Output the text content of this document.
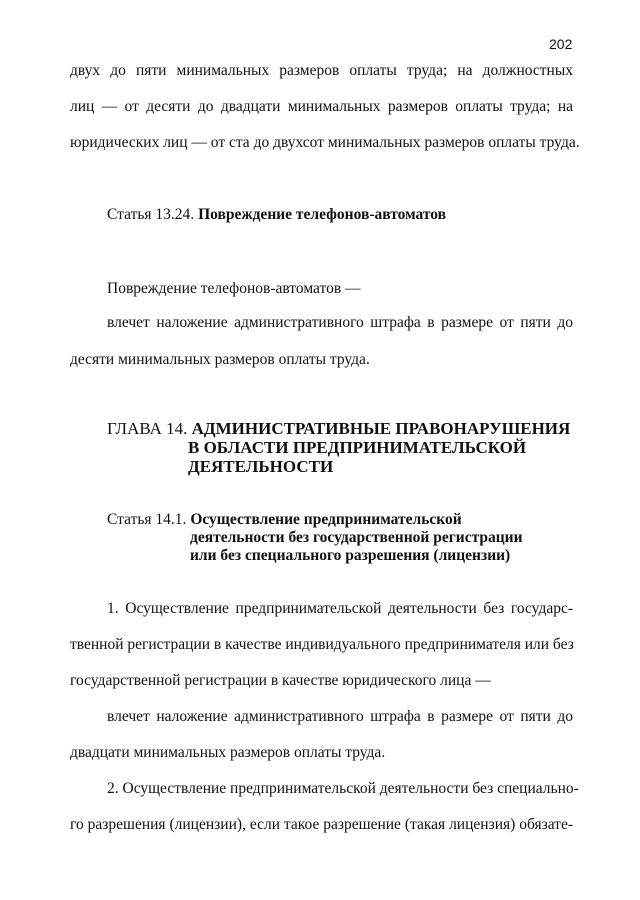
202
двух до пяти минимальных размеров оплаты труда; на должностных
лиц — от десяти до двадцати минимальных размеров оплаты труда; на
юридических лиц — от ста до двухсот минимальных размеров оплаты труда.
Статья 13.24. Повреждение телефонов-автоматов
Повреждение телефонов-автоматов —
влечет наложение административного штрафа в размере от пяти до
десяти минимальных размеров оплаты труда.
ГЛАВА 14. АДМИНИСТРАТИВНЫЕ ПРАВОНАРУШЕНИЯ
В ОБЛАСТИ ПРЕДПРИНИМАТЕЛЬСКОЙ
ДЕЯТЕЛЬНОСТИ
Статья 14.1. Осуществление предпринимательской
деятельности без государственной регистрации
или без специального разрешения (лицензии)
1. Осуществление предпринимательской деятельности без государс-
твенной регистрации в качестве индивидуального предпринимателя или без
государственной регистрации в качестве юридического лица —
влечет наложение административного штрафа в размере от пяти до
двадцати минимальных размеров оплаты труда.
2. Осуществление предпринимательской деятельности без специально-
го разрешения (лицензии), если такое разрешение (такая лицензия) обязате-
